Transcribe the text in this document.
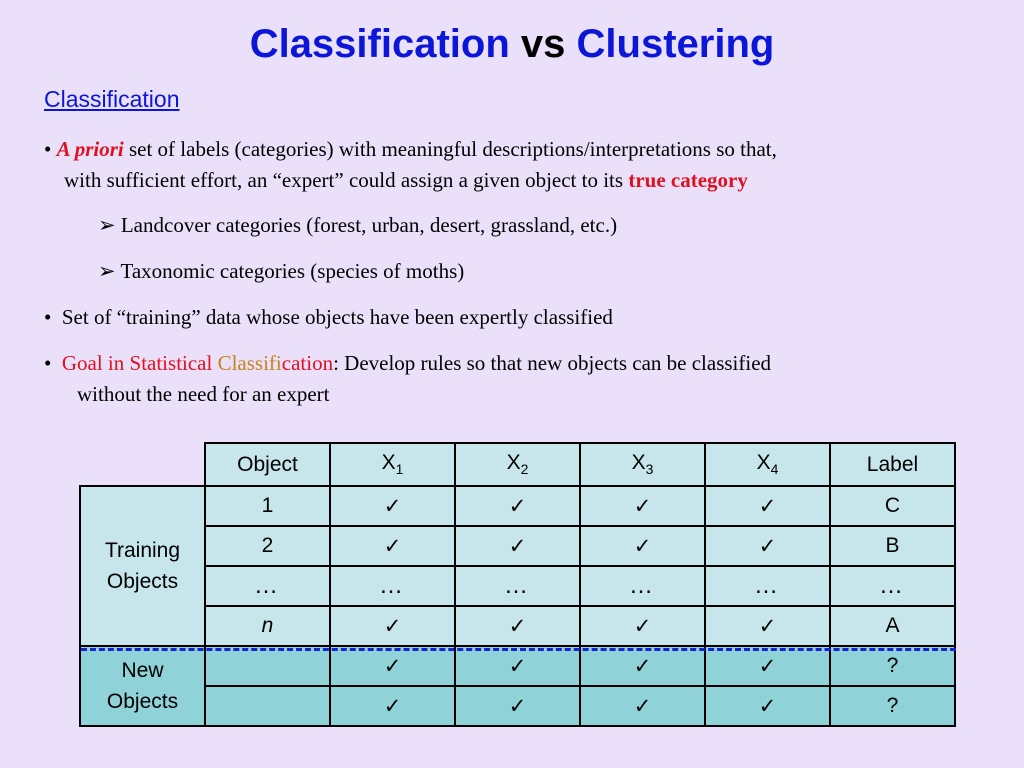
Classification vs Clustering
Classification
• A priori set of labels (categories) with meaningful descriptions/interpretations so that,
with sufficient effort, an “expert” could assign a given object to its true category
➢ Landcover categories (forest, urban, desert, grassland, etc.)
➢ Taxonomic categories (species of moths)
• Set of “training” data whose objects have been expertly classified
• Goal in Statistical Classification: Develop rules so that new objects can be classified
without the need for an expert
	Object	$X_1$	$X_2$	$X_3$	$X_4$	Label
Training
Objects	1	✓	✓	✓	✓	C
	2	✓	✓	✓	✓	B
	…	…	…	…	…	…
	n	✓	✓	✓	✓	A
New
Objects		✓	✓	✓	✓	?
		✓	✓	✓	✓	?
